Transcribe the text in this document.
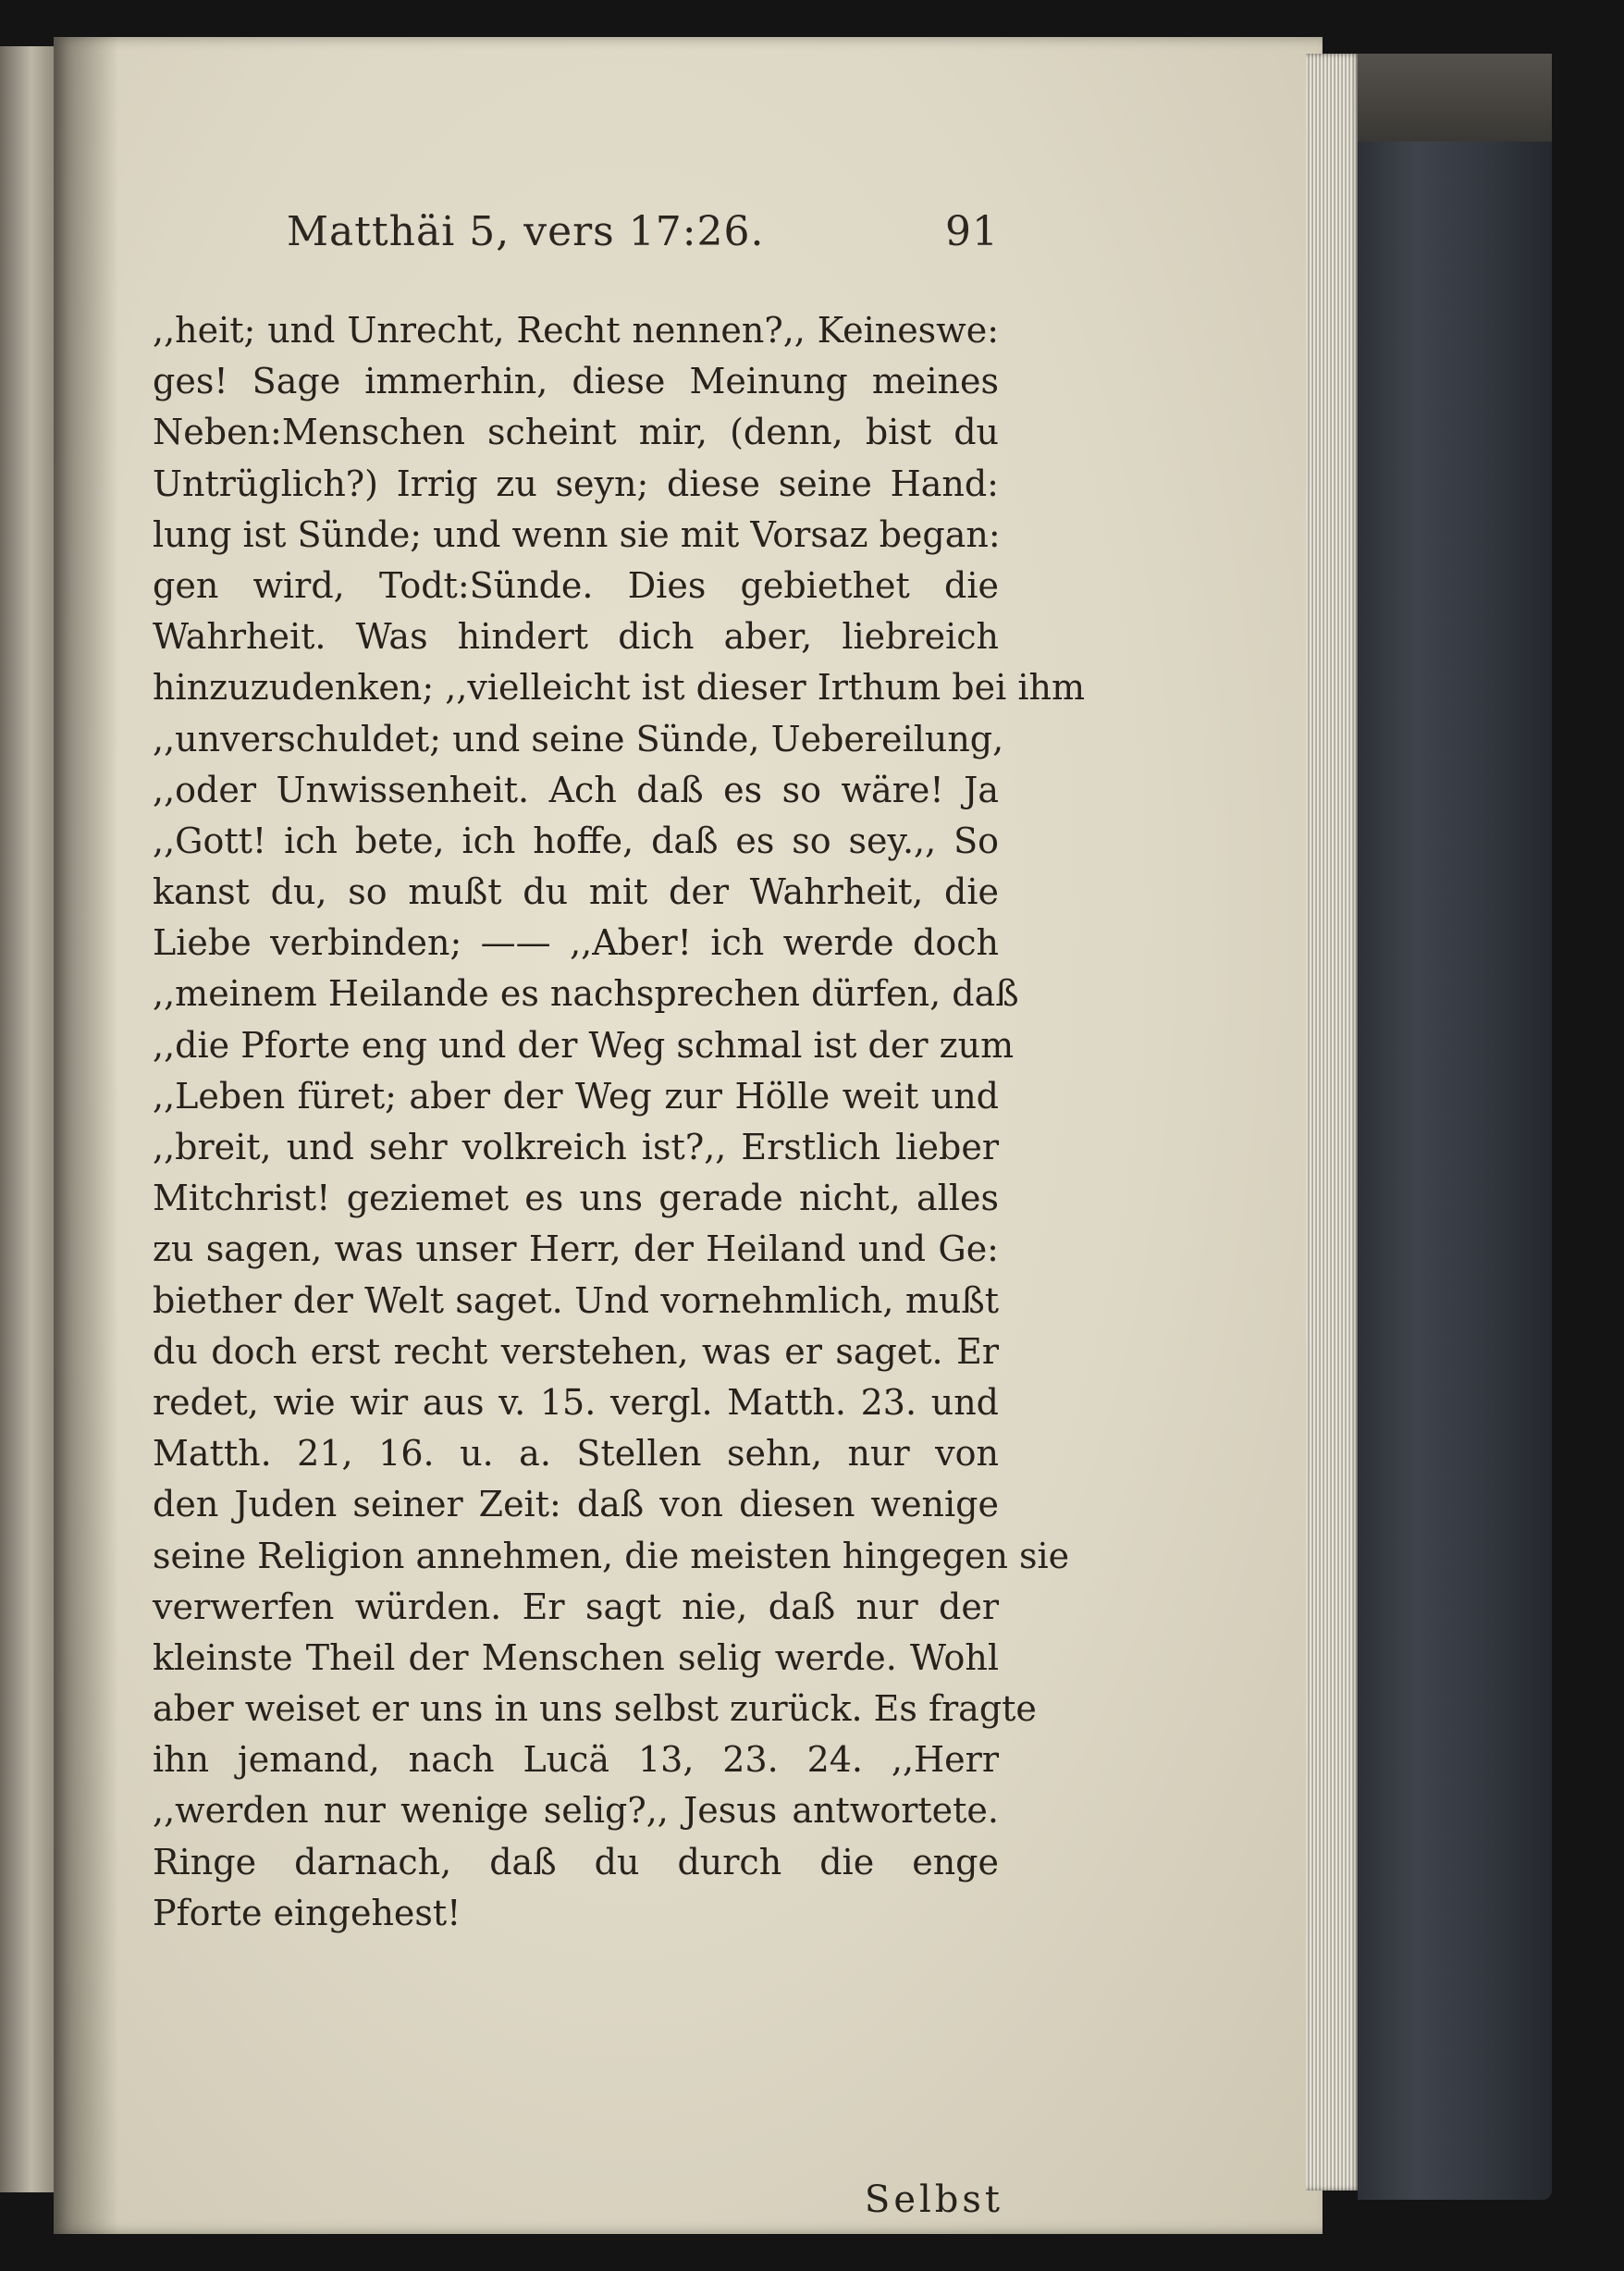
Matthäi 5, vers 17:26.	91
,,heit; und Unrecht, Recht nennen?,, Keineswe:
ges! Sage immerhin, diese Meinung meines
Neben:Menschen scheint mir, (denn, bist du
Untrüglich?) Irrig zu seyn; diese seine Hand:
lung ist Sünde; und wenn sie mit Vorsaz began:
gen wird, Todt:Sünde. Dies gebiethet die
Wahrheit. Was hindert dich aber, liebreich
hinzuzudenken; ,,vielleicht ist dieser Irthum bei ihm
,,unverschuldet; und seine Sünde, Uebereilung,
,,oder Unwissenheit. Ach daß es so wäre! Ja
,,Gott! ich bete, ich hoffe, daß es so sey.,, So
kanst du, so mußt du mit der Wahrheit, die
Liebe verbinden; —— ,,Aber! ich werde doch
,,meinem Heilande es nachsprechen dürfen, daß
,,die Pforte eng und der Weg schmal ist der zum
,,Leben füret; aber der Weg zur Hölle weit und
,,breit, und sehr volkreich ist?,, Erstlich lieber
Mitchrist! geziemet es uns gerade nicht, alles
zu sagen, was unser Herr, der Heiland und Ge:
biether der Welt saget. Und vornehmlich, mußt
du doch erst recht verstehen, was er saget. Er
redet, wie wir aus v. 15. vergl. Matth. 23. und
Matth. 21, 16. u. a. Stellen sehn, nur von
den Juden seiner Zeit: daß von diesen wenige
seine Religion annehmen, die meisten hingegen sie
verwerfen würden. Er sagt nie, daß nur der
kleinste Theil der Menschen selig werde. Wohl
aber weiset er uns in uns selbst zurück. Es fragte
ihn jemand, nach Lucä 13, 23. 24. ,,Herr
,,werden nur wenige selig?,, Jesus antwortete.
Ringe darnach, daß du durch die enge
Pforte eingehest!
Selbst
